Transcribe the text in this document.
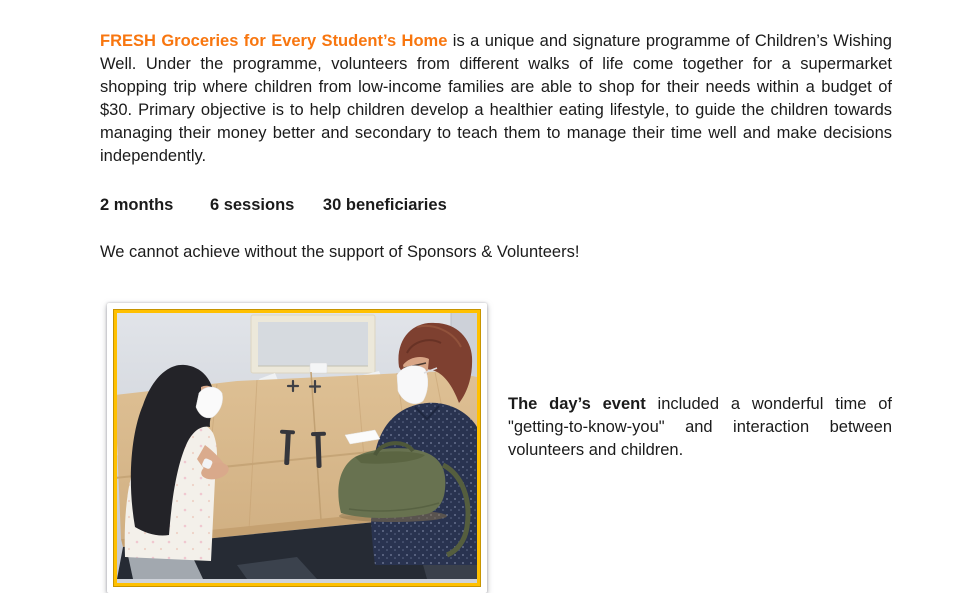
FRESH Groceries for Every Student’s Home is a unique and signature programme of Children’s Wishing Well. Under the programme, volunteers from different walks of life come together for a supermarket shopping trip where children from low-income families are able to shop for their needs within a budget of $30. Primary objective is to help children develop a healthier eating lifestyle, to guide the children towards managing their money better and secondary to teach them to manage their time well and make decisions independently.

2 months 6 sessions 30 beneficiaries

We cannot achieve without the support of Sponsors & Volunteers!

The day’s event included a wonderful time of "getting-to-know-you" and interaction between volunteers and children.
